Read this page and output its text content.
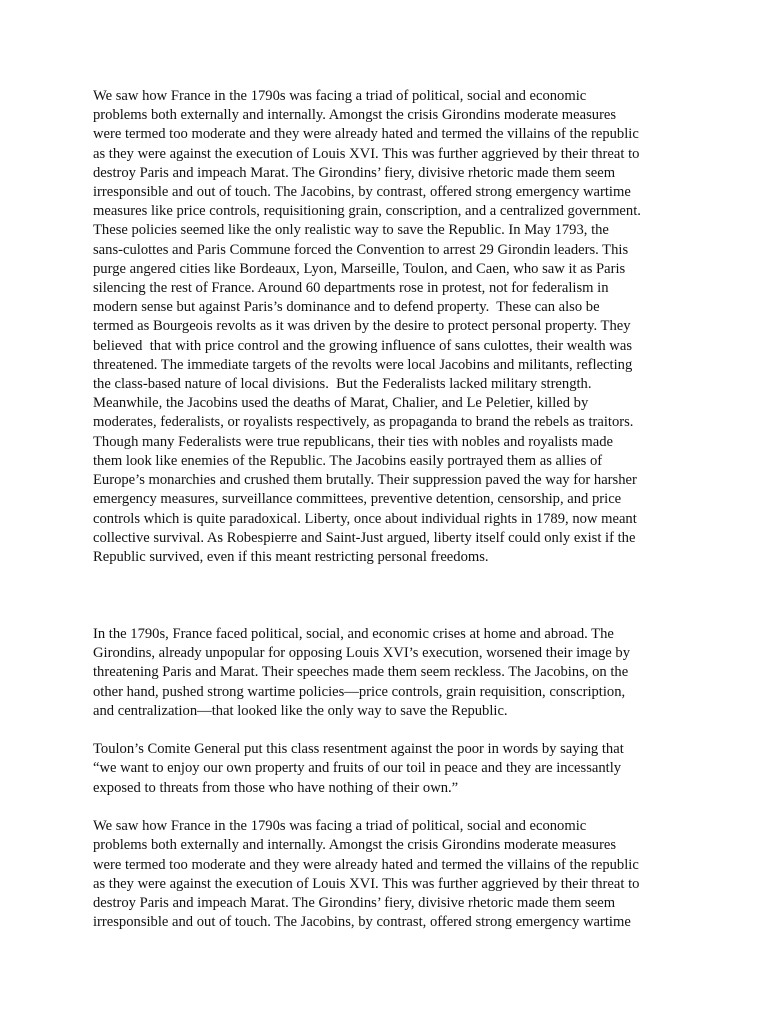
We saw how France in the 1790s was facing a triad of political, social and economic

problems both externally and internally. Amongst the crisis Girondins moderate measures

were termed too moderate and they were already hated and termed the villains of the republic

as they were against the execution of Louis XVI. This was further aggrieved by their threat to

destroy Paris and impeach Marat. The Girondins’ fiery, divisive rhetoric made them seem

irresponsible and out of touch. The Jacobins, by contrast, offered strong emergency wartime

measures like price controls, requisitioning grain, conscription, and a centralized government.

These policies seemed like the only realistic way to save the Republic. In May 1793, the

sans-culottes and Paris Commune forced the Convention to arrest 29 Girondin leaders. This

purge angered cities like Bordeaux, Lyon, Marseille, Toulon, and Caen, who saw it as Paris

silencing the rest of France. Around 60 departments rose in protest, not for federalism in

modern sense but against Paris’s dominance and to defend property.  These can also be

termed as Bourgeois revolts as it was driven by the desire to protect personal property. They

believed  that with price control and the growing influence of sans culottes, their wealth was

threatened. The immediate targets of the revolts were local Jacobins and militants, reflecting

the class-based nature of local divisions.  But the Federalists lacked military strength.

Meanwhile, the Jacobins used the deaths of Marat, Chalier, and Le Peletier, killed by

moderates, federalists, or royalists respectively, as propaganda to brand the rebels as traitors.

Though many Federalists were true republicans, their ties with nobles and royalists made

them look like enemies of the Republic. The Jacobins easily portrayed them as allies of

Europe’s monarchies and crushed them brutally. Their suppression paved the way for harsher

emergency measures, surveillance committees, preventive detention, censorship, and price

controls which is quite paradoxical. Liberty, once about individual rights in 1789, now meant

collective survival. As Robespierre and Saint-Just argued, liberty itself could only exist if the

Republic survived, even if this meant restricting personal freedoms.

In the 1790s, France faced political, social, and economic crises at home and abroad. The

Girondins, already unpopular for opposing Louis XVI’s execution, worsened their image by

threatening Paris and Marat. Their speeches made them seem reckless. The Jacobins, on the

other hand, pushed strong wartime policies—price controls, grain requisition, conscription,

and centralization—that looked like the only way to save the Republic.

Toulon’s Comite General put this class resentment against the poor in words by saying that

“we want to enjoy our own property and fruits of our toil in peace and they are incessantly

exposed to threats from those who have nothing of their own.”

We saw how France in the 1790s was facing a triad of political, social and economic

problems both externally and internally. Amongst the crisis Girondins moderate measures

were termed too moderate and they were already hated and termed the villains of the republic

as they were against the execution of Louis XVI. This was further aggrieved by their threat to

destroy Paris and impeach Marat. The Girondins’ fiery, divisive rhetoric made them seem

irresponsible and out of touch. The Jacobins, by contrast, offered strong emergency wartime
